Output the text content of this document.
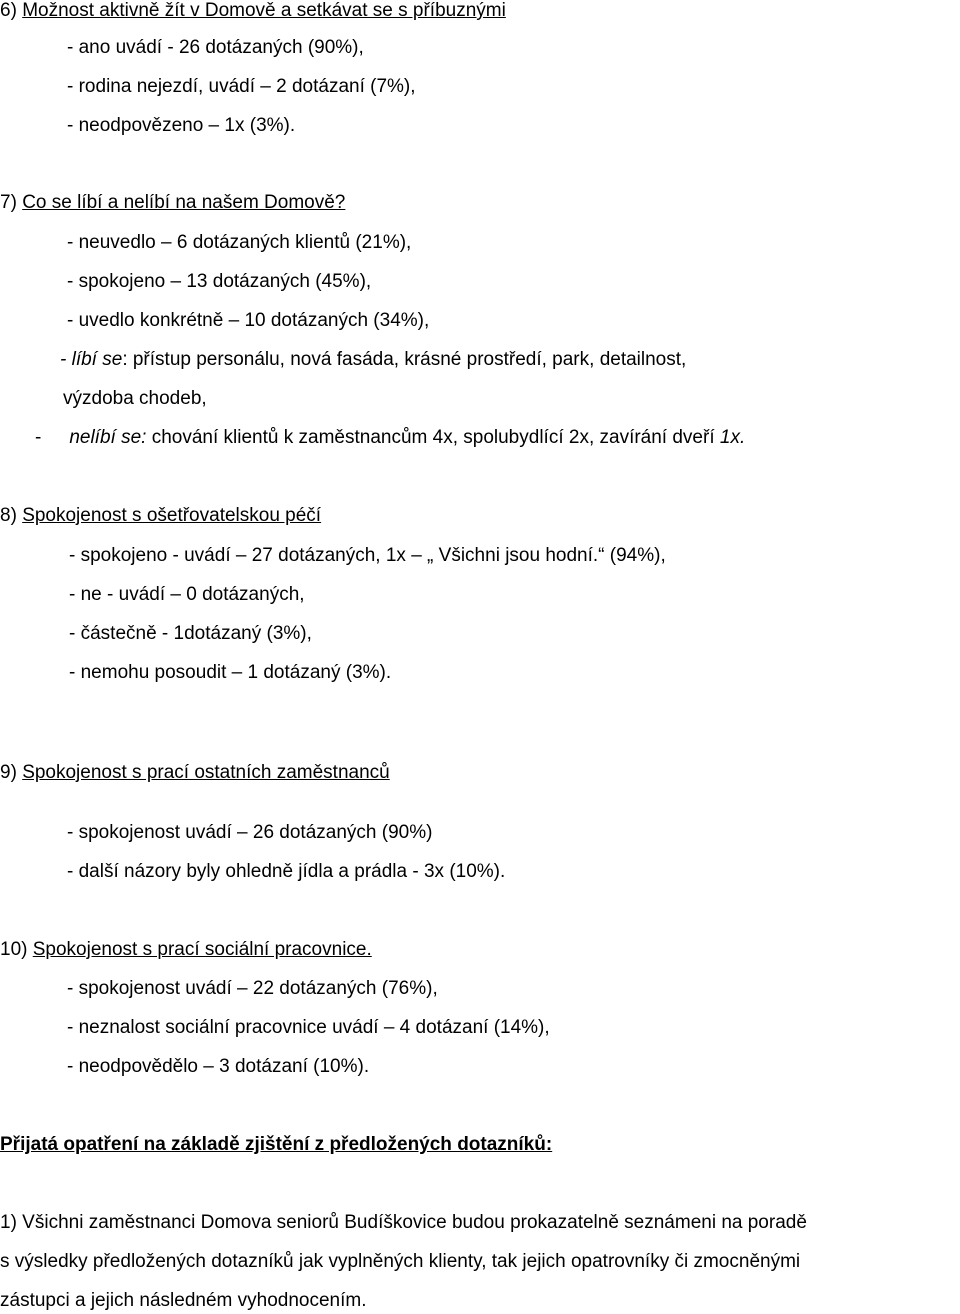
6) Možnost aktivně žít v Domově a setkávat se s příbuznými
- ano uvádí - 26 dotázaných (90%),
- rodina nejezdí, uvádí – 2 dotázaní (7%),
- neodpovězeno – 1x (3%).
7) Co se líbí a nelíbí na našem Domově?
- neuvedlo – 6 dotázaných klientů (21%),
- spokojeno – 13 dotázaných (45%),
- uvedlo konkrétně – 10 dotázaných (34%),
- líbí se: přístup personálu, nová fasáda, krásné prostředí, park, detailnost,
výzdoba chodeb,
- nelíbí se: chování klientů k zaměstnancům 4x, spolubydlící 2x, zavírání dveří 1x.
8) Spokojenost s ošetřovatelskou péčí
- spokojeno - uvádí – 27 dotázaných, 1x – „ Všichni jsou hodní.“ (94%),
- ne - uvádí – 0 dotázaných,
- částečně - 1dotázaný (3%),
- nemohu posoudit – 1 dotázaný (3%).
9) Spokojenost s prací ostatních zaměstnanců
- spokojenost uvádí – 26 dotázaných (90%)
- další názory byly ohledně jídla a prádla - 3x (10%).
10) Spokojenost s prací sociální pracovnice.
- spokojenost uvádí – 22 dotázaných (76%),
- neznalost sociální pracovnice uvádí – 4 dotázaní (14%),
- neodpovědělo – 3 dotázaní (10%).
Přijatá opatření na základě zjištění z předložených dotazníků:
1) Všichni zaměstnanci Domova seniorů Budíškovice budou prokazatelně seznámeni na poradě
s výsledky předložených dotazníků jak vyplněných klienty, tak jejich opatrovníky či zmocněnými
zástupci a jejich následném vyhodnocením.
